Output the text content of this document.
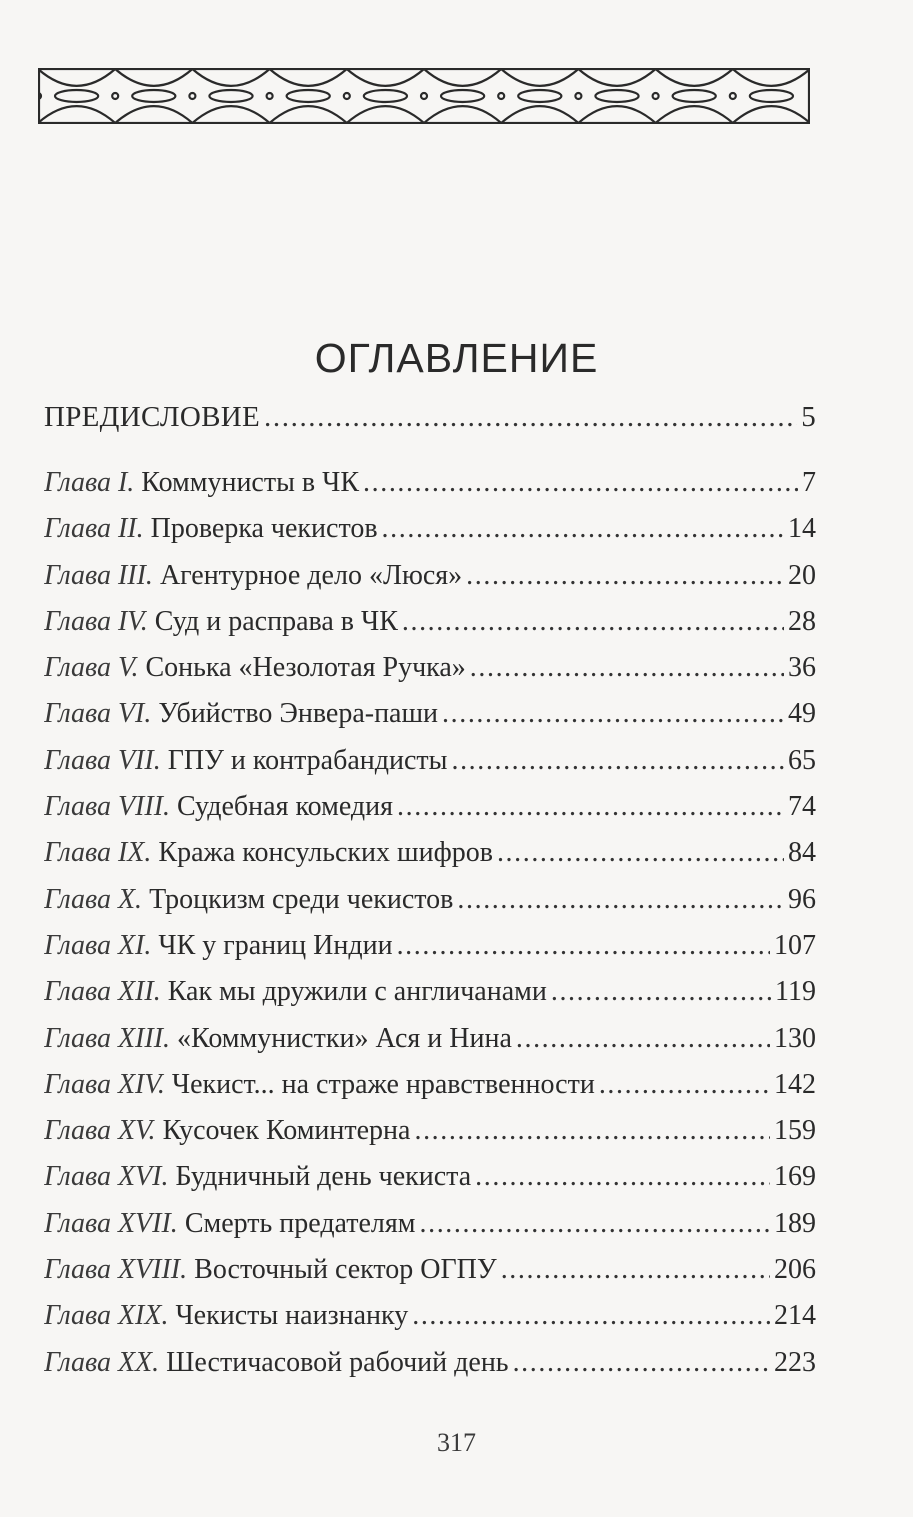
ОГЛАВЛЕНИЕ
ПРЕДИСЛОВИЕ .....	5
Глава I. Коммунисты в ЧК .....	7
Глава II. Проверка чекистов .....	14
Глава III. Агентурное дело «Люся» .....	20
Глава IV. Суд и расправа в ЧК .....	28
Глава V. Сонька «Незолотая Ручка» .....	36
Глава VI. Убийство Энвера-паши .....	49
Глава VII. ГПУ и контрабандисты .....	65
Глава VIII. Судебная комедия .....	74
Глава IX. Кража консульских шифров .....	84
Глава X. Троцкизм среди чекистов .....	96
Глава XI. ЧК у границ Индии .....	107
Глава XII. Как мы дружили с англичанами .....	119
Глава XIII. «Коммунистки» Ася и Нина .....	130
Глава XIV. Чекист... на страже нравственности .....	142
Глава XV. Кусочек Коминтерна .....	159
Глава XVI. Будничный день чекиста .....	169
Глава XVII. Смерть предателям .....	189
Глава XVIII. Восточный сектор ОГПУ .....	206
Глава XIX. Чекисты наизнанку .....	214
Глава XX. Шестичасовой рабочий день .....	223
317
